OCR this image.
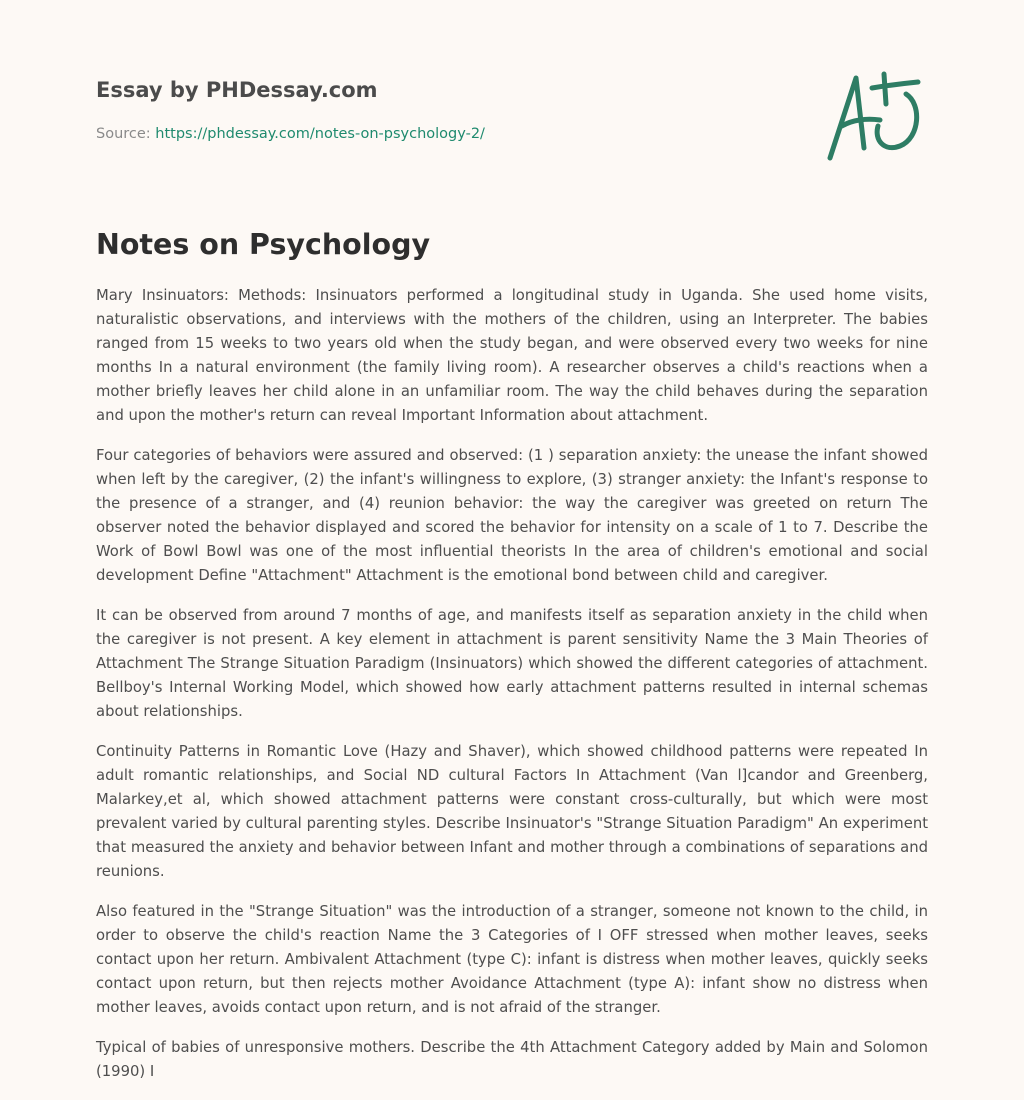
Essay by PHDessay.com
Source: https://phdessay.com/notes-on-psychology-2/
Notes on Psychology

Mary Insinuators: Methods: Insinuators performed a longitudinal study in Uganda. She used home visits, naturalistic observations, and interviews with the mothers of the children, using an Interpreter. The babies ranged from 15 weeks to two years old when the study began, and were observed every two weeks for nine months In a natural environment (the family living room). A researcher observes a child's reactions when a mother briefly leaves her child alone in an unfamiliar room. The way the child behaves during the separation and upon the mother's return can reveal Important Information about attachment.

Four categories of behaviors were assured and observed: (1 ) separation anxiety: the unease the infant showed when left by the caregiver, (2) the infant's willingness to explore, (3) stranger anxiety: the Infant's response to the presence of a stranger, and (4) reunion behavior: the way the caregiver was greeted on return The observer noted the behavior displayed and scored the behavior for intensity on a scale of 1 to 7. Describe the Work of Bowl Bowl was one of the most influential theorists In the area of children's emotional and social development Define "Attachment" Attachment is the emotional bond between child and caregiver.

It can be observed from around 7 months of age, and manifests itself as separation anxiety in the child when the caregiver is not present. A key element in attachment is parent sensitivity Name the 3 Main Theories of Attachment The Strange Situation Paradigm (Insinuators) which showed the different categories of attachment. Bellboy's Internal Working Model, which showed how early attachment patterns resulted in internal schemas about relationships.

Continuity Patterns in Romantic Love (Hazy and Shaver), which showed childhood patterns were repeated In adult romantic relationships, and Social ND cultural Factors In Attachment (Van l]candor and Greenberg, Malarkey,et al, which showed attachment patterns were constant cross-culturally, but which were most prevalent varied by cultural parenting styles. Describe Insinuator's "Strange Situation Paradigm" An experiment that measured the anxiety and behavior between Infant and mother through a combinations of separations and reunions.

Also featured in the "Strange Situation" was the introduction of a stranger, someone not known to the child, in order to observe the child's reaction Name the 3 Categories of I OFF stressed when mother leaves, seeks contact upon her return. Ambivalent Attachment (type C): infant is distress when mother leaves, quickly seeks contact upon return, but then rejects mother Avoidance Attachment (type A): infant show no distress when mother leaves, avoids contact upon return, and is not afraid of the stranger.

Typical of babies of unresponsive mothers. Describe the 4th Attachment Category added by Main and Solomon (1990) I
